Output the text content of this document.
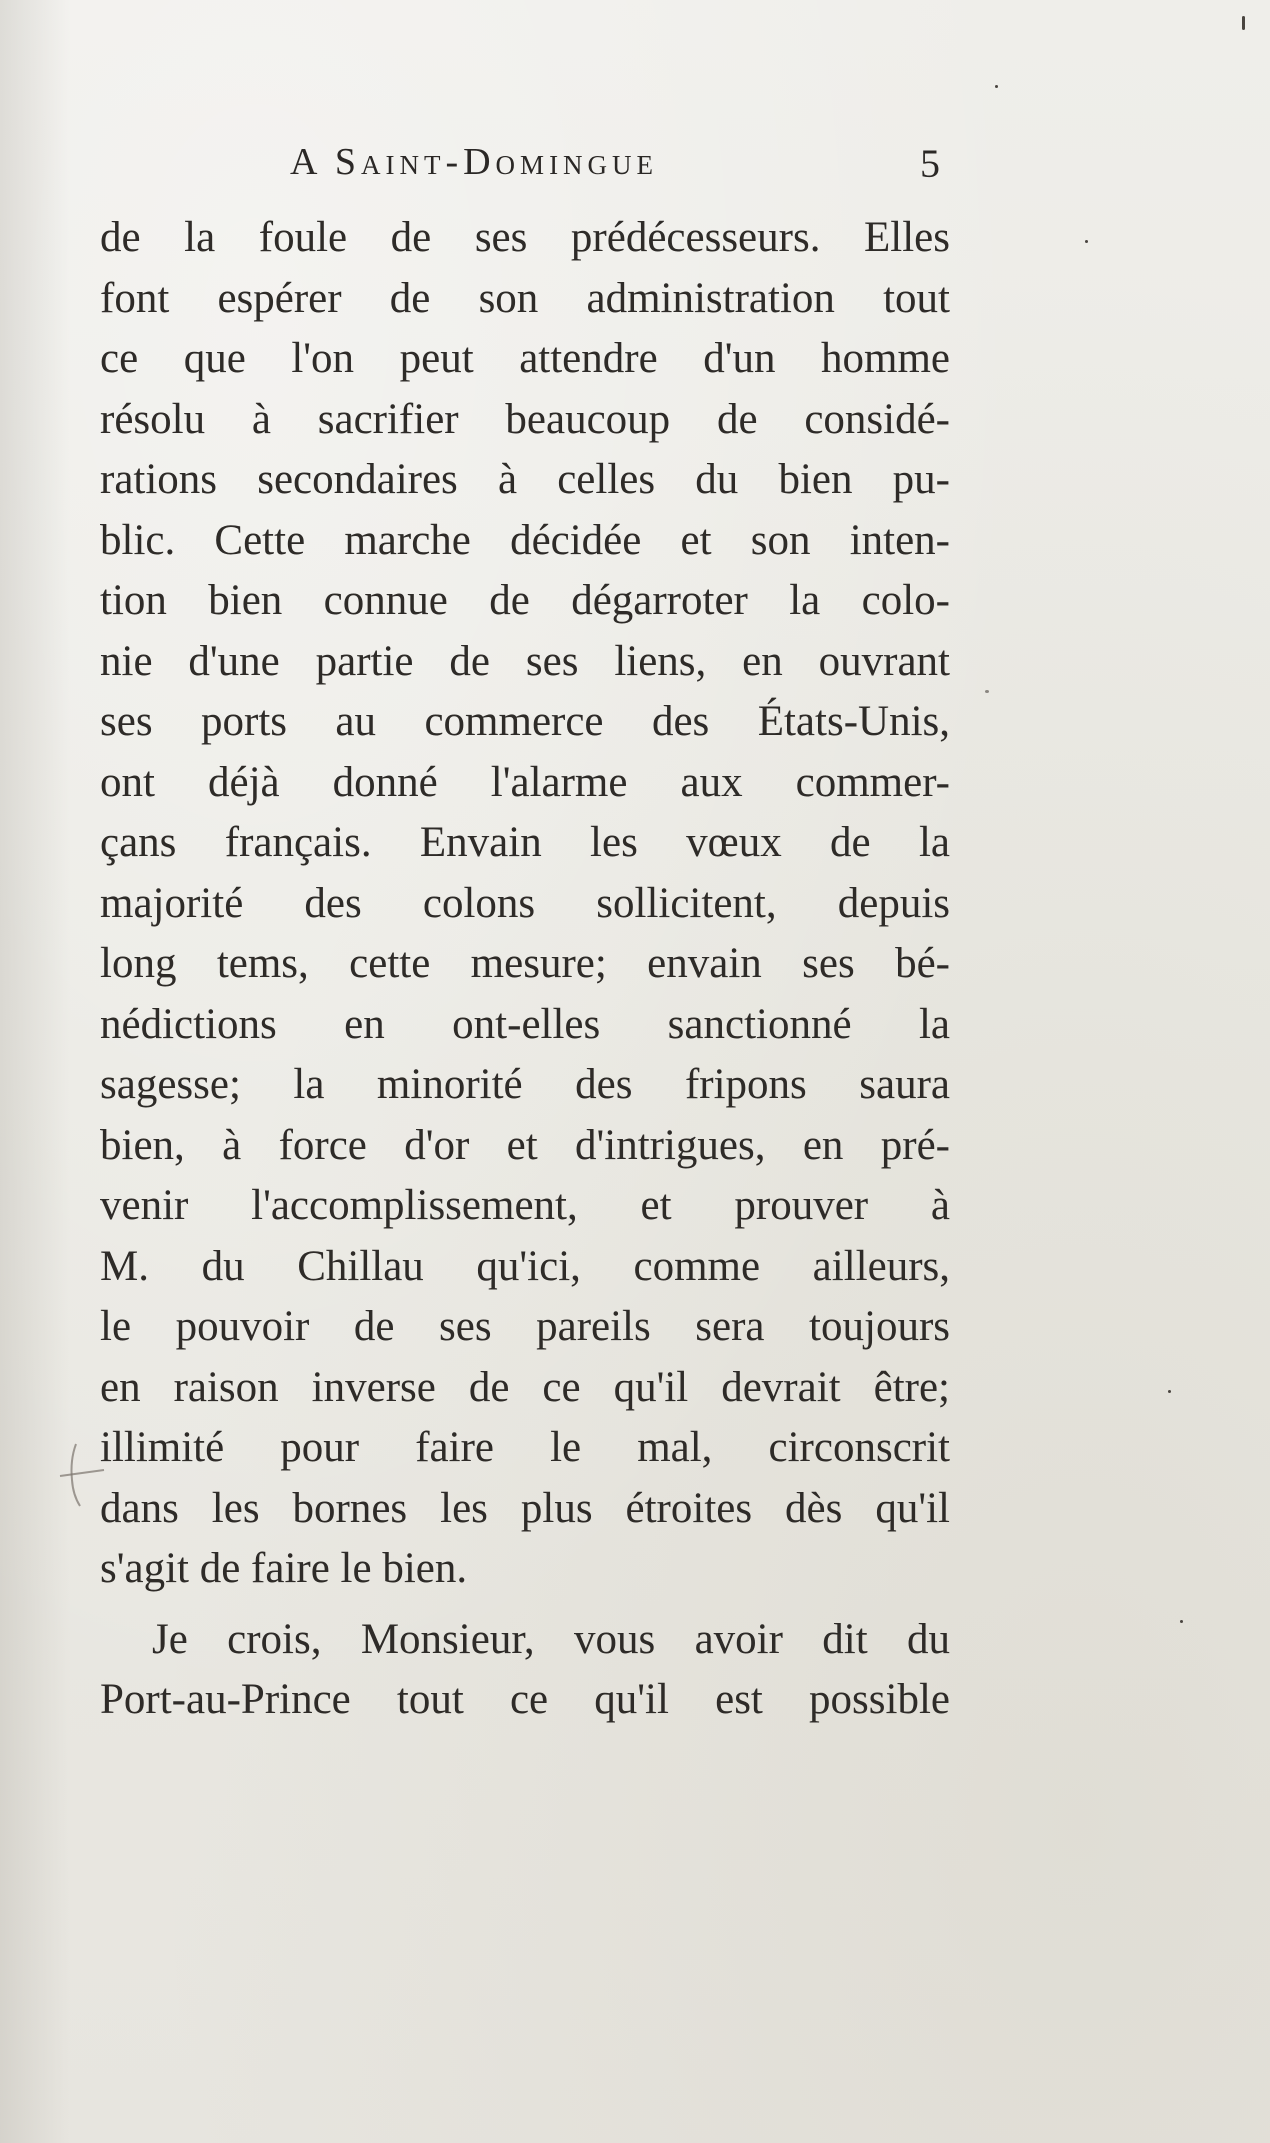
A Saint-Domingue	5
de la foule de ses prédécesseurs. Elles
font espérer de son administration tout
ce que l'on peut attendre d'un homme
résolu à sacrifier beaucoup de considé-
rations secondaires à celles du bien pu-
blic. Cette marche décidée et son inten-
tion bien connue de dégarroter la colo-
nie d'une partie de ses liens, en ouvrant
ses ports au commerce des États-Unis,
ont déjà donné l'alarme aux commer-
çans français. Envain les vœux de la
majorité des colons sollicitent, depuis
long tems, cette mesure; envain ses bé-
nédictions en ont-elles sanctionné la
sagesse; la minorité des fripons saura
bien, à force d'or et d'intrigues, en pré-
venir l'accomplissement, et prouver à
M. du Chillau qu'ici, comme ailleurs,
le pouvoir de ses pareils sera toujours
en raison inverse de ce qu'il devrait être;
illimité pour faire le mal, circonscrit
dans les bornes les plus étroites dès qu'il
s'agit de faire le bien.
Je crois, Monsieur, vous avoir dit du
Port-au-Prince tout ce qu'il est possible
